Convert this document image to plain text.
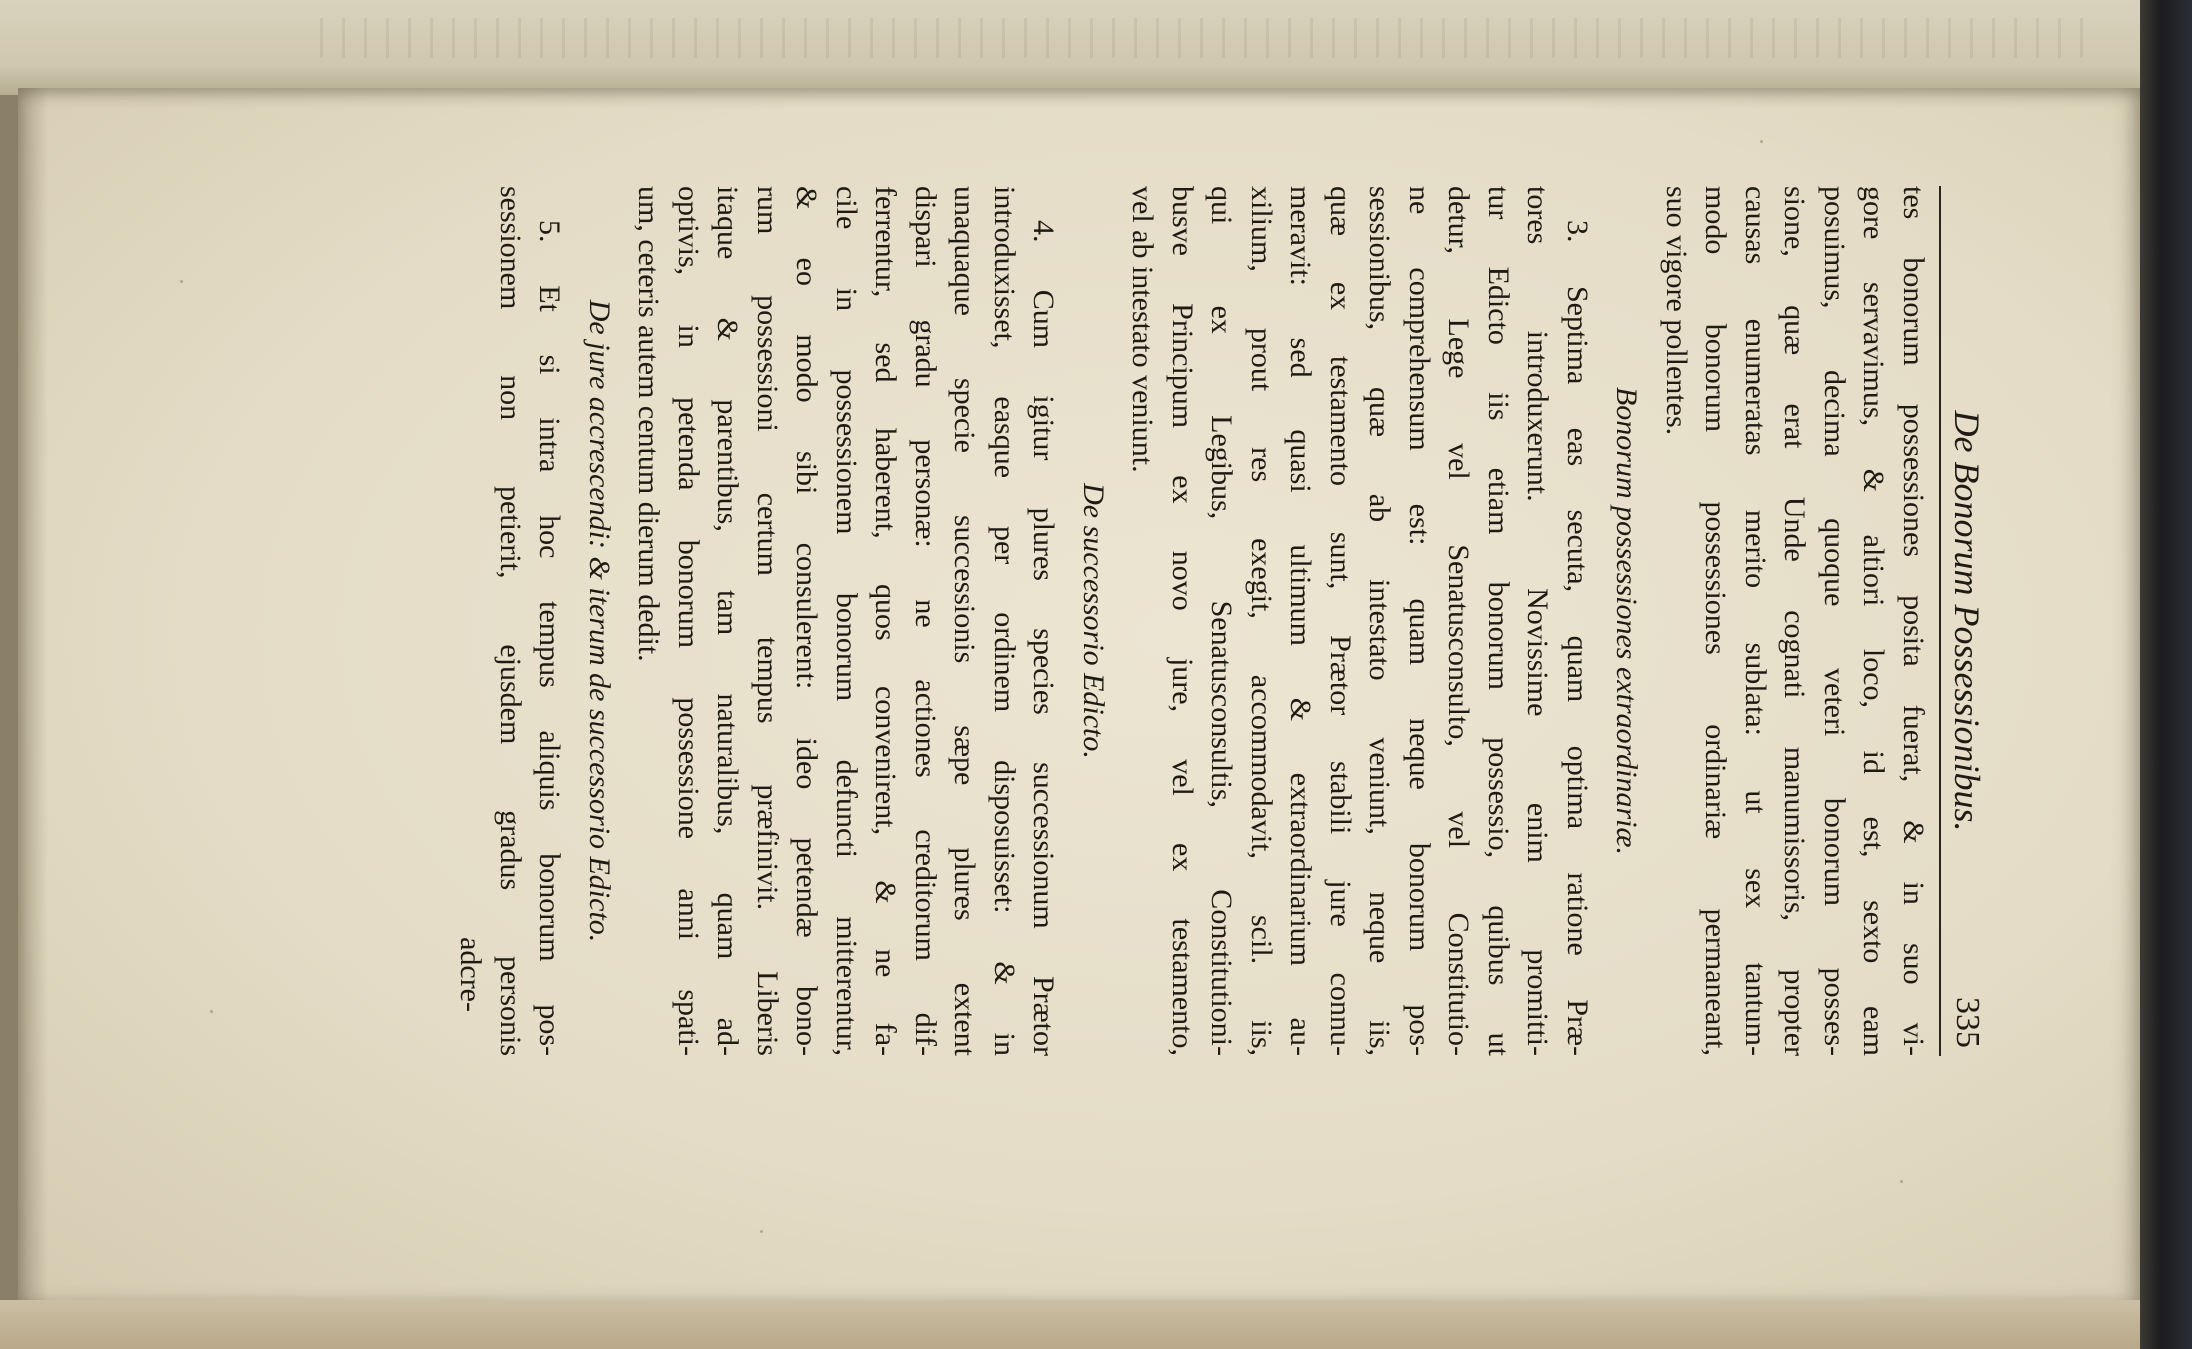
De Bonorum Possessionibus.
335
tes bonorum possessiones posita fuerat, & in suo vi-
gore servavimus, & altiori loco, id est, sexto eam
posuimus, decima quoque veteri bonorum posses-
sione, quæ erat Unde cognati manumissoris, propter
causas enumeratas merito sublata: ut sex tantum-
modo bonorum possessiones ordinariæ permaneant,
suo vigore pollentes.
Bonorum possessiones extraordinariæ.
3. Septima eas secuta, quam optima ratione Præ-
tores introduxerunt. Novissime enim promitti-
tur Edicto iis etiam bonorum possessio, quibus ut
detur, Lege vel Senatusconsulto, vel Constitutio-
ne comprehensum est: quam neque bonorum pos-
sessionibus, quæ ab intestato veniunt, neque iis,
quæ ex testamento sunt, Prætor stabili jure connu-
meravit: sed quasi ultimum & extraordinarium au-
xilium, prout res exegit, accommodavit, scil. iis,
qui ex Legibus, Senatusconsultis, Constitutioni-
busve Principum ex novo jure, vel ex testamento,
vel ab intestato veniunt.
De successorio Edicto.
4. Cum igitur plures species successionum Prætor
introduxisset, easque per ordinem disposuisset: & in
unaquaque specie successionis sæpe plures extent
dispari gradu personæ: ne actiones creditorum dif-
ferrentur, sed haberent, quos convenirent, & ne fa-
cile in possessionem bonorum defuncti mitterentur,
& eo modo sibi consulerent: ideo petendæ bono-
rum possessioni certum tempus præfinivit. Liberis
itaque & parentibus, tam naturalibus, quam ad-
optivis, in petenda bonorum possessione anni spati-
um, ceteris autem centum dierum dedit.
De jure accrescendi: & iterum de successorio Edicto.
5. Et si intra hoc tempus aliquis bonorum pos-
sessionem non petierit, ejusdem gradus personis
adcre-
